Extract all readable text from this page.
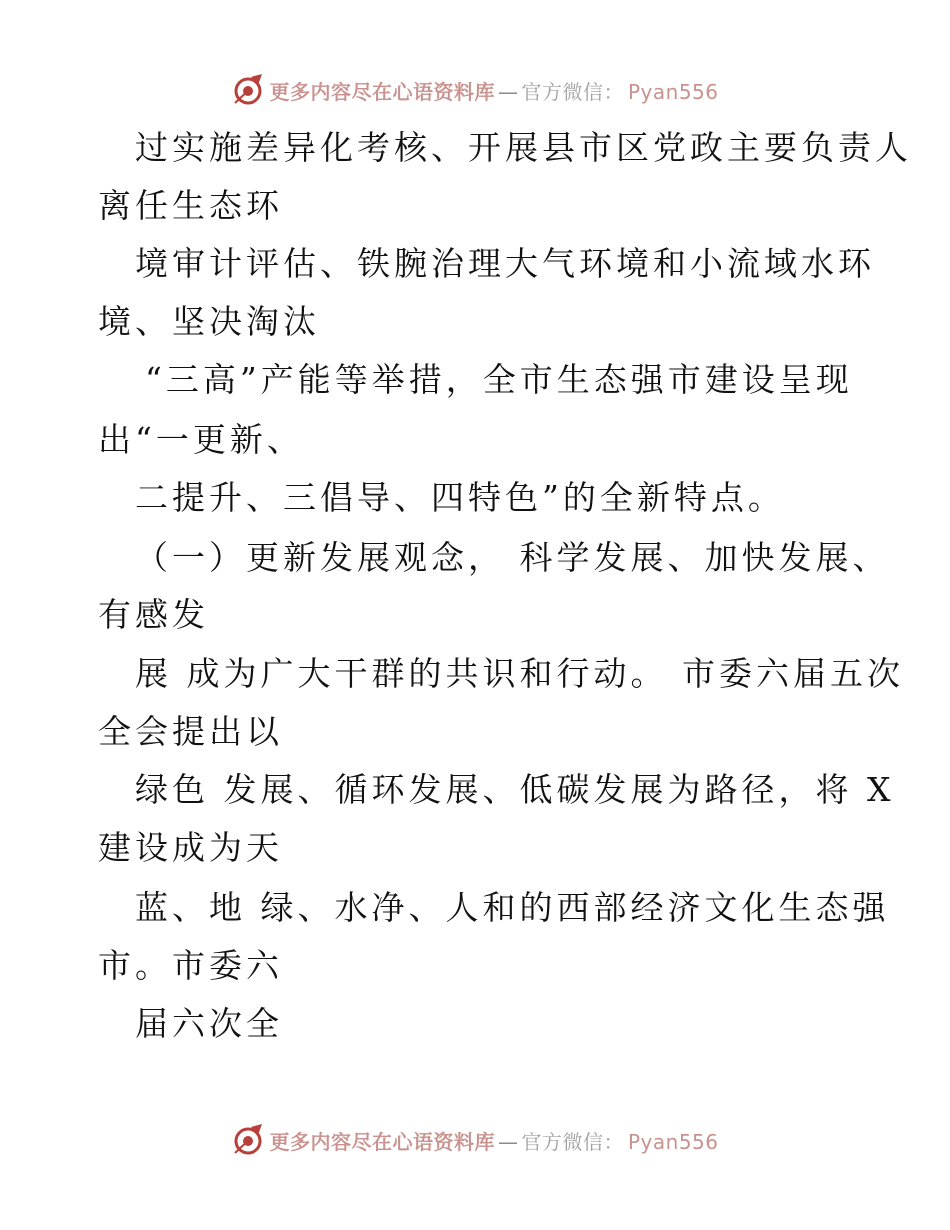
更多内容尽在心语资料库 — 官方微信： Pyan556
过实施差异化考核、开展县市区党政主要负责人
离任生态环
境审计评估、铁腕治理大气环境和小流域水环
境、坚决淘汰
“三高”产能等举措，全市生态强市建设呈现
出“一更新、
二提升、三倡导、四特色”的全新特点。
（一）更新发展观念， 科学发展、加快发展、
有感发
展 成为广大干群的共识和行动。 市委六届五次
全会提出以
绿色 发展、循环发展、低碳发展为路径，将 X
建设成为天
蓝、地 绿、水净、人和的西部经济文化生态强
市。市委六
届六次全
更多内容尽在心语资料库 — 官方微信： Pyan556
